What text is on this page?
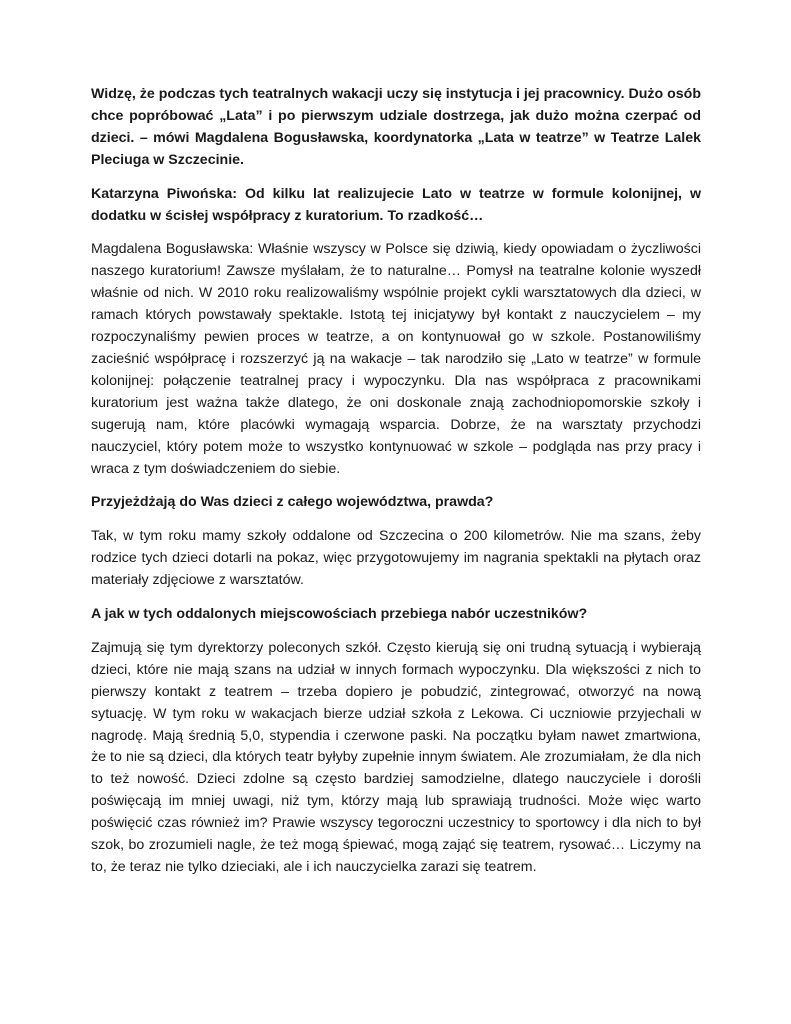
Widzę, że podczas tych teatralnych wakacji uczy się instytucja i jej pracownicy. Dużo osób chce popróbować „Lata” i po pierwszym udziale dostrzega, jak dużo można czerpać od dzieci. – mówi Magdalena Bogusławska, koordynatorka „Lata w teatrze” w Teatrze Lalek Pleciuga w Szczecinie.

Katarzyna Piwońska: Od kilku lat realizujecie Lato w teatrze w formule kolonijnej, w dodatku w ścisłej współpracy z kuratorium. To rzadkość…

Magdalena Bogusławska: Właśnie wszyscy w Polsce się dziwią, kiedy opowiadam o życzliwości naszego kuratorium! Zawsze myślałam, że to naturalne… Pomysł na teatralne kolonie wyszedł właśnie od nich. W 2010 roku realizowaliśmy wspólnie projekt cykli warsztatowych dla dzieci, w ramach których powstawały spektakle. Istotą tej inicjatywy był kontakt z nauczycielem – my rozpoczynaliśmy pewien proces w teatrze, a on kontynuował go w szkole. Postanowiliśmy zacieśnić współpracę i rozszerzyć ją na wakacje – tak narodziło się „Lato w teatrze” w formule kolonijnej: połączenie teatralnej pracy i wypoczynku. Dla nas współpraca z pracownikami kuratorium jest ważna także dlatego, że oni doskonale znają zachodniopomorskie szkoły i sugerują nam, które placówki wymagają wsparcia. Dobrze, że na warsztaty przychodzi nauczyciel, który potem może to wszystko kontynuować w szkole – podgląda nas przy pracy i wraca z tym doświadczeniem do siebie.

Przyjeżdżają do Was dzieci z całego województwa, prawda?

Tak, w tym roku mamy szkoły oddalone od Szczecina o 200 kilometrów. Nie ma szans, żeby rodzice tych dzieci dotarli na pokaz, więc przygotowujemy im nagrania spektakli na płytach oraz materiały zdjęciowe z warsztatów.

A jak w tych oddalonych miejscowościach przebiega nabór uczestników?

Zajmują się tym dyrektorzy poleconych szkół. Często kierują się oni trudną sytuacją i wybierają dzieci, które nie mają szans na udział w innych formach wypoczynku. Dla większości z nich to pierwszy kontakt z teatrem – trzeba dopiero je pobudzić, zintegrować, otworzyć na nową sytuację. W tym roku w wakacjach bierze udział szkoła z Lekowa. Ci uczniowie przyjechali w nagrodę. Mają średnią 5,0, stypendia i czerwone paski. Na początku byłam nawet zmartwiona, że to nie są dzieci, dla których teatr byłyby zupełnie innym światem. Ale zrozumiałam, że dla nich to też nowość. Dzieci zdolne są często bardziej samodzielne, dlatego nauczyciele i dorośli poświęcają im mniej uwagi, niż tym, którzy mają lub sprawiają trudności. Może więc warto poświęcić czas również im? Prawie wszyscy tegoroczni uczestnicy to sportowcy i dla nich to był szok, bo zrozumieli nagle, że też mogą śpiewać, mogą zająć się teatrem, rysować… Liczymy na to, że teraz nie tylko dzieciaki, ale i ich nauczycielka zarazi się teatrem.
